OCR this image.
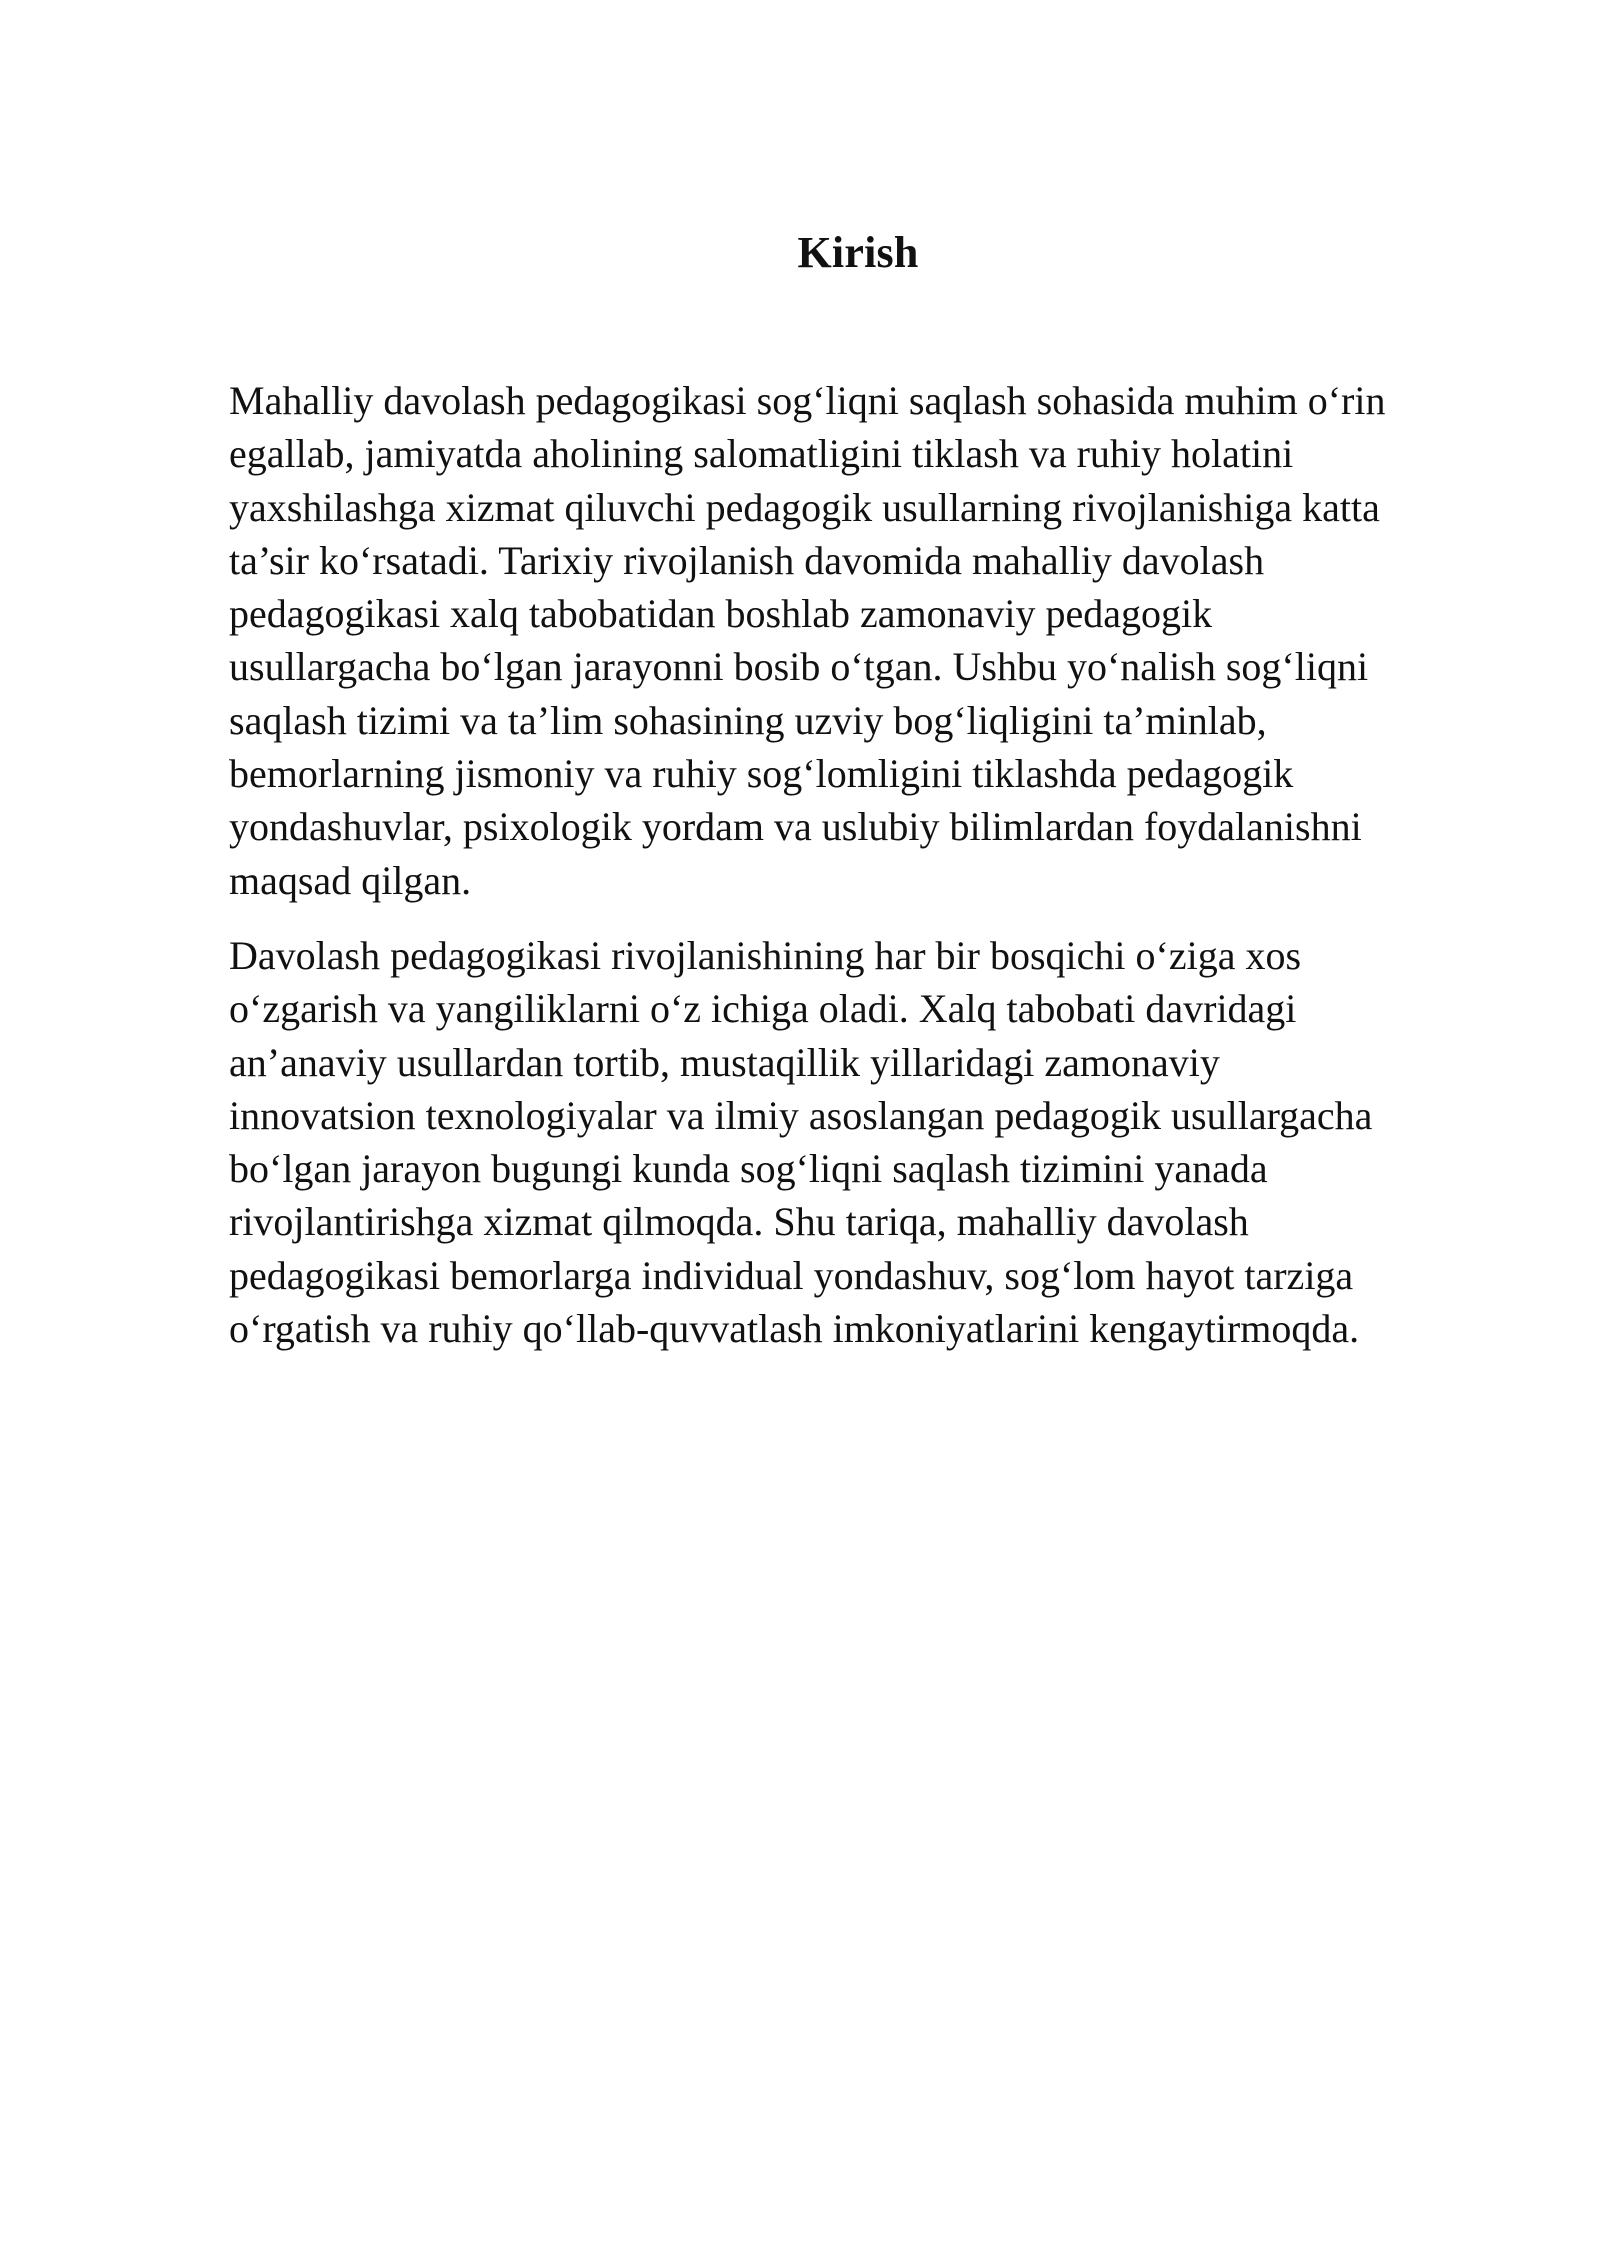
Kirish

Mahalliy davolash pedagogikasi sog‘liqni saqlash sohasida muhim o‘rin
egallab, jamiyatda aholining salomatligini tiklash va ruhiy holatini
yaxshilashga xizmat qiluvchi pedagogik usullarning rivojlanishiga katta
ta’sir ko‘rsatadi. Tarixiy rivojlanish davomida mahalliy davolash
pedagogikasi xalq tabobatidan boshlab zamonaviy pedagogik
usullargacha bo‘lgan jarayonni bosib o‘tgan. Ushbu yo‘nalish sog‘liqni
saqlash tizimi va ta’lim sohasining uzviy bog‘liqligini ta’minlab,
bemorlarning jismoniy va ruhiy sog‘lomligini tiklashda pedagogik
yondashuvlar, psixologik yordam va uslubiy bilimlardan foydalanishni
maqsad qilgan.

Davolash pedagogikasi rivojlanishining har bir bosqichi o‘ziga xos
o‘zgarish va yangiliklarni o‘z ichiga oladi. Xalq tabobati davridagi
an’anaviy usullardan tortib, mustaqillik yillaridagi zamonaviy
innovatsion texnologiyalar va ilmiy asoslangan pedagogik usullargacha
bo‘lgan jarayon bugungi kunda sog‘liqni saqlash tizimini yanada
rivojlantirishga xizmat qilmoqda. Shu tariqa, mahalliy davolash
pedagogikasi bemorlarga individual yondashuv, sog‘lom hayot tarziga
o‘rgatish va ruhiy qo‘llab-quvvatlash imkoniyatlarini kengaytirmoqda.
